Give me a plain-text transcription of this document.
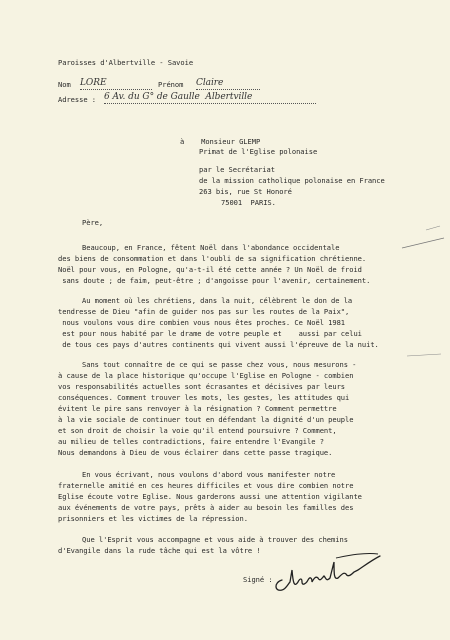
Paroisses d'Albertville - Savoie
Nom LORE	Prénom Claire
Adresse : 6 Av. du G° de Gaulle  Albertville
à    Monsieur GLEMP
Primat de l'Eglise polonaise
par le Secrétariat
de la mission catholique polonaise en France
263 bis, rue St Honoré
75001  PARIS.
Père,
Beaucoup, en France, fêtent Noël dans l'abondance occidentale
des biens de consommation et dans l'oubli de sa signification chrétienne.
Noël pour vous, en Pologne, qu'a-t-il été cette année ? Un Noël de froid
sans doute ; de faim, peut-être ; d'angoisse pour l'avenir, certainement.
Au moment où les chrétiens, dans la nuit, célèbrent le don de la
tendresse de Dieu "afin de guider nos pas sur les routes de la Paix",
nous voulons vous dire combien vous nous êtes proches. Ce Noël 1981
est pour nous habité par le drame de votre peuple et    aussi par celui
de tous ces pays d'autres continents qui vivent aussi l'épreuve de la nuit.
Sans tout connaître de ce qui se passe chez vous, nous mesurons -
à cause de la place historique qu'occupe l'Eglise en Pologne - combien
vos responsabilités actuelles sont écrasantes et décisives par leurs
conséquences. Comment trouver les mots, les gestes, les attitudes qui
évitent le pire sans renvoyer à la résignation ? Comment permettre
à la vie sociale de continuer tout en défendant la dignité d'un peuple
et son droit de choisir la voie qu'il entend poursuivre ? Comment,
au milieu de telles contradictions, faire entendre l'Evangile ?
Nous demandons à Dieu de vous éclairer dans cette passe tragique.
En vous écrivant, nous voulons d'abord vous manifester notre
fraternelle amitié en ces heures difficiles et vous dire combien notre
Eglise écoute votre Eglise. Nous garderons aussi une attention vigilante
aux événements de votre pays, prêts à aider au besoin les familles des
prisonniers et les victimes de la répression.
Que l'Esprit vous accompagne et vous aide à trouver des chemins
d'Evangile dans la rude tâche qui est la vôtre !
Signé :
